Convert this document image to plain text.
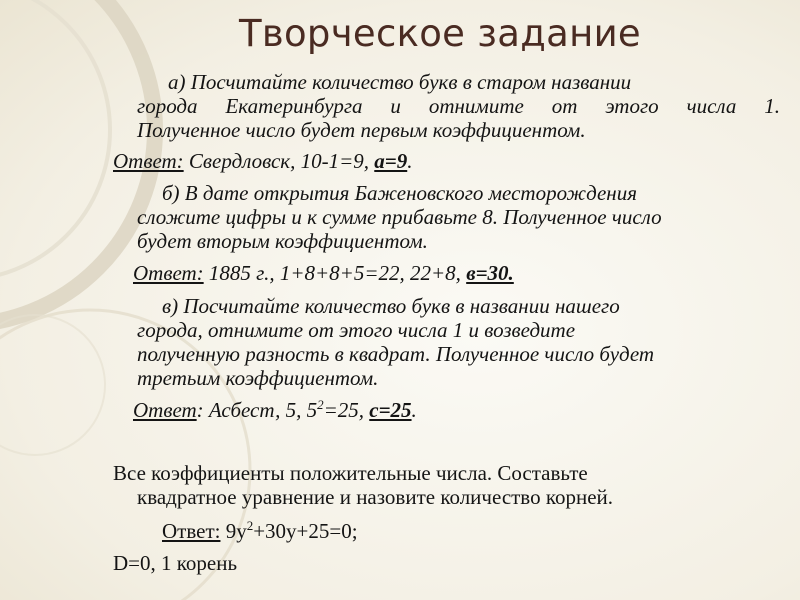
Творческое задание
а) Посчитайте количество букв в старом названии
города Екатеринбурга и отнимите от этого числа 1.
Полученное число будет первым коэффициентом.
Ответ: Свердловск, 10-1=9, а=9.
б) В дате открытия Баженовского месторождения
сложите цифры и к сумме прибавьте 8. Полученное число
будет вторым коэффициентом.
Ответ: 1885 г., 1+8+8+5=22, 22+8, в=30.
в) Посчитайте количество букв в названии нашего
города, отнимите от этого числа 1 и возведите
полученную разность в квадрат. Полученное число будет
третьим коэффициентом.
Ответ: Асбест, 5, $5^2=25$, с=25.
Все коэффициенты положительные числа. Составьте
квадратное уравнение и назовите количество корней.
Ответ: $9у^2+30у+25=0$;
D=0, 1 корень
